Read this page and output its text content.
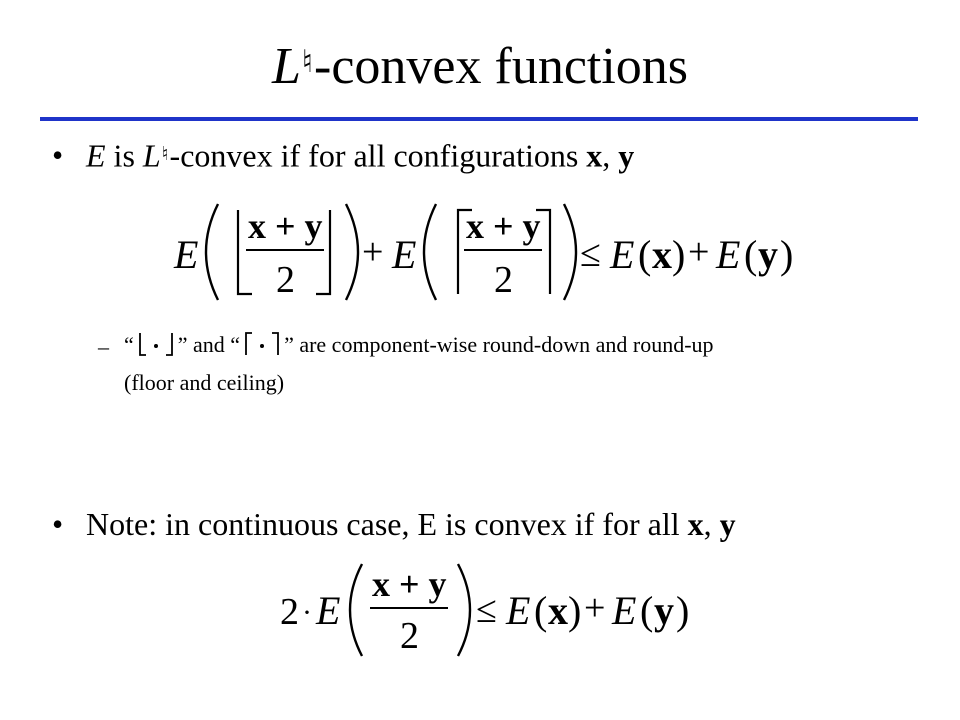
L♮-convex functions
• E is L♮-convex if for all configurations x, y
E
x + y
2
+ E
x + y
2
≤ E ( x ) + E ( y )
– “ ” and “ ” are component-wise round-down and round-up
(floor and ceiling)
• Note: in continuous case, E is convex if for all x, y
2 · E
x + y
2
≤ E ( x ) + E ( y )
